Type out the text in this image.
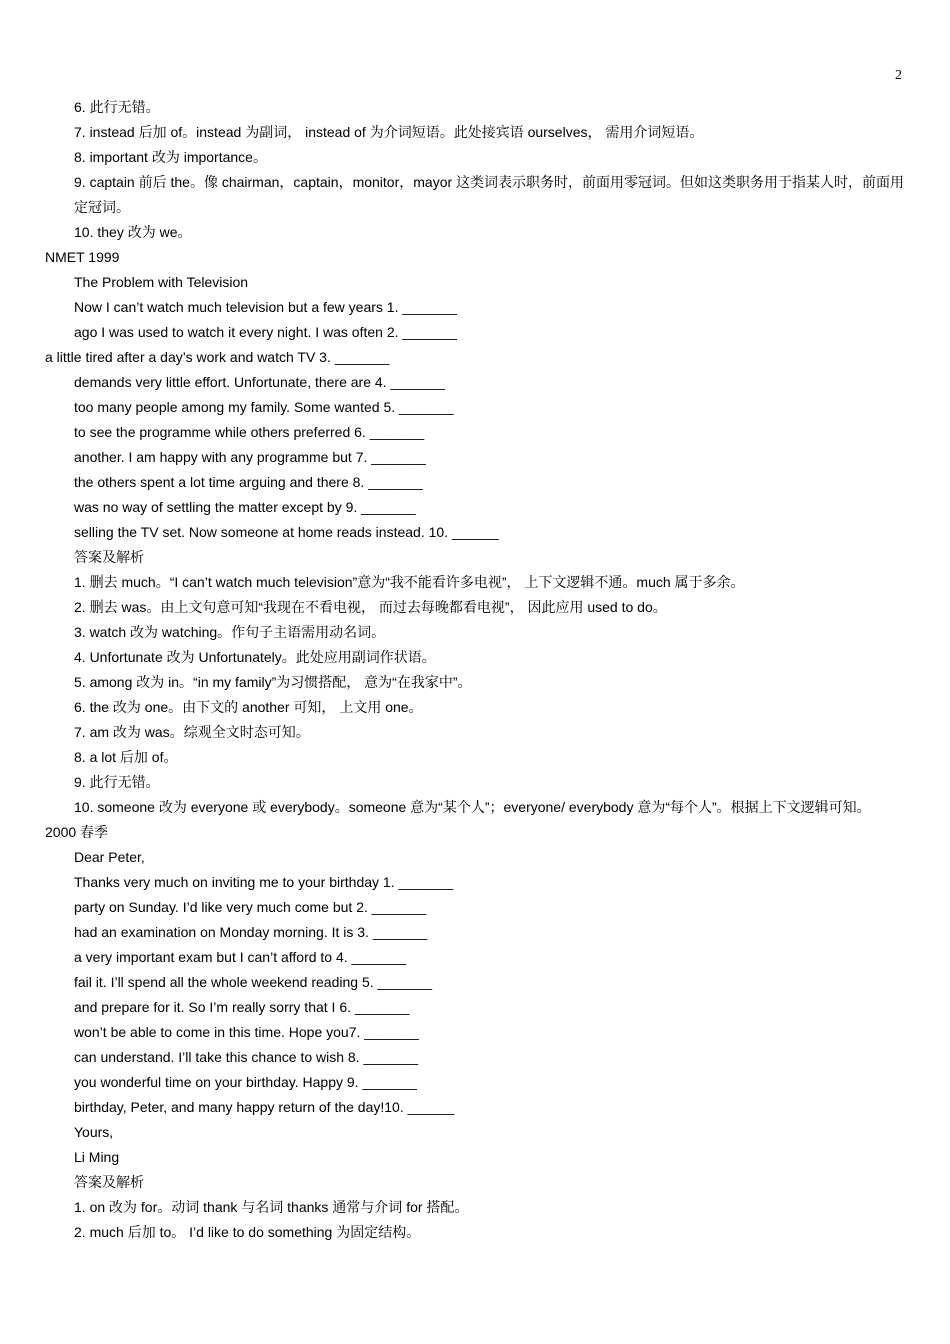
2
6. 此行无错。
7. instead 后加 of。instead 为副词， instead of 为介词短语。此处接宾语 ourselves， 需用介词短语。
8. important 改为 importance。
9. captain 前后 the。像 chairman，captain，monitor，mayor 这类词表示职务时，前面用零冠词。但如这类职务用于指某人时，前面用定冠词。
10. they 改为 we。
NMET 1999
The Problem with Television
Now I can’t watch much television but a few years 1. _______
ago I was used to watch it every night. I was often 2. _______
a little tired after a day’s work and watch TV 3. _______
demands very little effort. Unfortunate, there are 4. _______
too many people among my family. Some wanted 5. _______
to see the programme while others preferred 6. _______
another. I am happy with any programme but 7. _______
the others spent a lot time arguing and there 8. _______
was no way of settling the matter except by 9. _______
selling the TV set. Now someone at home reads instead. 10. ______
答案及解析
1. 删去 much。“I can’t watch much television”意为“我不能看许多电视”， 上下文逻辑不通。much 属于多余。
2. 删去 was。由上文句意可知“我现在不看电视， 而过去每晚都看电视”， 因此应用 used to do。
3. watch 改为 watching。作句子主语需用动名词。
4. Unfortunate 改为 Unfortunately。此处应用副词作状语。
5. among 改为 in。“in my family”为习惯搭配， 意为“在我家中”。
6. the 改为 one。由下文的 another 可知， 上文用 one。
7. am 改为 was。综观全文时态可知。
8. a lot 后加 of。
9. 此行无错。
10. someone 改为 everyone 或 everybody。someone 意为“某个人”；everyone/ everybody 意为“每个人”。根据上下文逻辑可知。
2000 春季
Dear Peter,
Thanks very much on inviting me to your birthday 1. _______
party on Sunday. I’d like very much come but 2. _______
had an examination on Monday morning. It is 3. _______
a very important exam but I can’t afford to 4. _______
fail it. I’ll spend all the whole weekend reading 5. _______
and prepare for it. So I’m really sorry that I 6. _______
won’t be able to come in this time. Hope you7. _______
can understand. I’ll take this chance to wish 8. _______
you wonderful time on your birthday. Happy 9. _______
birthday, Peter, and many happy return of the day!10. ______
Yours,
Li Ming
答案及解析
1. on 改为 for。动词 thank 与名词 thanks 通常与介词 for 搭配。
2. much 后加 to。 I’d like to do something 为固定结构。
